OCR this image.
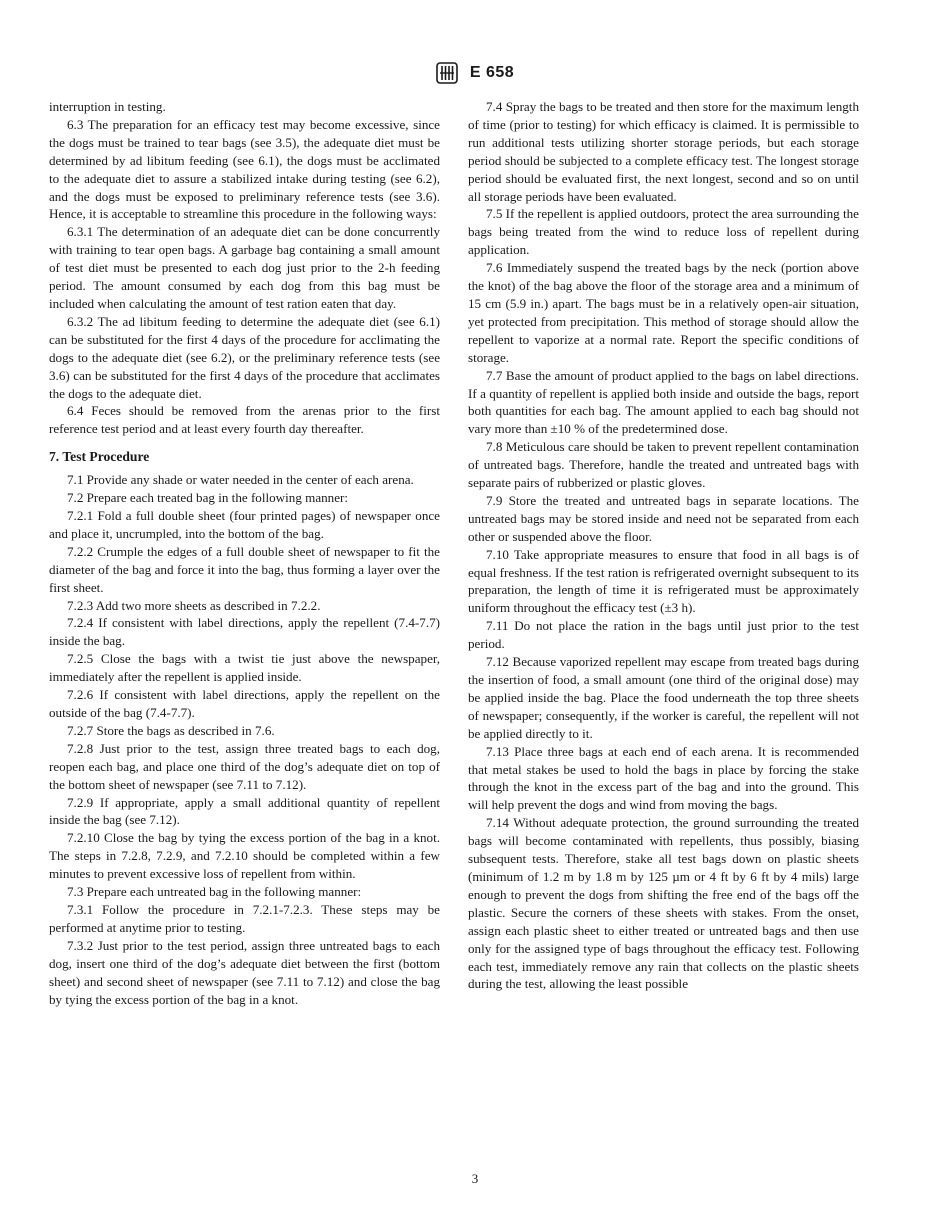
E 658

interruption in testing.

6.3 The preparation for an efficacy test may become excessive, since the dogs must be trained to tear bags (see 3.5), the adequate diet must be determined by ad libitum feeding (see 6.1), the dogs must be acclimated to the adequate diet to assure a stabilized intake during testing (see 6.2), and the dogs must be exposed to preliminary reference tests (see 3.6). Hence, it is acceptable to streamline this procedure in the following ways:

6.3.1 The determination of an adequate diet can be done concurrently with training to tear open bags. A garbage bag containing a small amount of test diet must be presented to each dog just prior to the 2-h feeding period. The amount consumed by each dog from this bag must be included when calculating the amount of test ration eaten that day.

6.3.2 The ad libitum feeding to determine the adequate diet (see 6.1) can be substituted for the first 4 days of the procedure for acclimating the dogs to the adequate diet (see 6.2), or the preliminary reference tests (see 3.6) can be substituted for the first 4 days of the procedure that acclimates the dogs to the adequate diet.

6.4 Feces should be removed from the arenas prior to the first reference test period and at least every fourth day thereafter.

7. Test Procedure

7.1 Provide any shade or water needed in the center of each arena.

7.2 Prepare each treated bag in the following manner:

7.2.1 Fold a full double sheet (four printed pages) of newspaper once and place it, uncrumpled, into the bottom of the bag.

7.2.2 Crumple the edges of a full double sheet of newspaper to fit the diameter of the bag and force it into the bag, thus forming a layer over the first sheet.

7.2.3 Add two more sheets as described in 7.2.2.

7.2.4 If consistent with label directions, apply the repellent (7.4-7.7) inside the bag.

7.2.5 Close the bags with a twist tie just above the newspaper, immediately after the repellent is applied inside.

7.2.6 If consistent with label directions, apply the repellent on the outside of the bag (7.4-7.7).

7.2.7 Store the bags as described in 7.6.

7.2.8 Just prior to the test, assign three treated bags to each dog, reopen each bag, and place one third of the dog’s adequate diet on top of the bottom sheet of newspaper (see 7.11 to 7.12).

7.2.9 If appropriate, apply a small additional quantity of repellent inside the bag (see 7.12).

7.2.10 Close the bag by tying the excess portion of the bag in a knot. The steps in 7.2.8, 7.2.9, and 7.2.10 should be completed within a few minutes to prevent excessive loss of repellent from within.

7.3 Prepare each untreated bag in the following manner:

7.3.1 Follow the procedure in 7.2.1-7.2.3. These steps may be performed at anytime prior to testing.

7.3.2 Just prior to the test period, assign three untreated bags to each dog, insert one third of the dog’s adequate diet between the first (bottom sheet) and second sheet of newspaper (see 7.11 to 7.12) and close the bag by tying the excess portion of the bag in a knot.

7.4 Spray the bags to be treated and then store for the maximum length of time (prior to testing) for which efficacy is claimed. It is permissible to run additional tests utilizing shorter storage periods, but each storage period should be subjected to a complete efficacy test. The longest storage period should be evaluated first, the next longest, second and so on until all storage periods have been evaluated.

7.5 If the repellent is applied outdoors, protect the area surrounding the bags being treated from the wind to reduce loss of repellent during application.

7.6 Immediately suspend the treated bags by the neck (portion above the knot) of the bag above the floor of the storage area and a minimum of 15 cm (5.9 in.) apart. The bags must be in a relatively open-air situation, yet protected from precipitation. This method of storage should allow the repellent to vaporize at a normal rate. Report the specific conditions of storage.

7.7 Base the amount of product applied to the bags on label directions. If a quantity of repellent is applied both inside and outside the bags, report both quantities for each bag. The amount applied to each bag should not vary more than ±10 % of the predetermined dose.

7.8 Meticulous care should be taken to prevent repellent contamination of untreated bags. Therefore, handle the treated and untreated bags with separate pairs of rubberized or plastic gloves.

7.9 Store the treated and untreated bags in separate locations. The untreated bags may be stored inside and need not be separated from each other or suspended above the floor.

7.10 Take appropriate measures to ensure that food in all bags is of equal freshness. If the test ration is refrigerated overnight subsequent to its preparation, the length of time it is refrigerated must be approximately uniform throughout the efficacy test (±3 h).

7.11 Do not place the ration in the bags until just prior to the test period.

7.12 Because vaporized repellent may escape from treated bags during the insertion of food, a small amount (one third of the original dose) may be applied inside the bag. Place the food underneath the top three sheets of newspaper; consequently, if the worker is careful, the repellent will not be applied directly to it.

7.13 Place three bags at each end of each arena. It is recommended that metal stakes be used to hold the bags in place by forcing the stake through the knot in the excess part of the bag and into the ground. This will help prevent the dogs and wind from moving the bags.

7.14 Without adequate protection, the ground surrounding the treated bags will become contaminated with repellents, thus possibly, biasing subsequent tests. Therefore, stake all test bags down on plastic sheets (minimum of 1.2 m by 1.8 m by 125 µm or 4 ft by 6 ft by 4 mils) large enough to prevent the dogs from shifting the free end of the bags off the plastic. Secure the corners of these sheets with stakes. From the onset, assign each plastic sheet to either treated or untreated bags and then use only for the assigned type of bags throughout the efficacy test. Following each test, immediately remove any rain that collects on the plastic sheets during the test, allowing the least possible

3
